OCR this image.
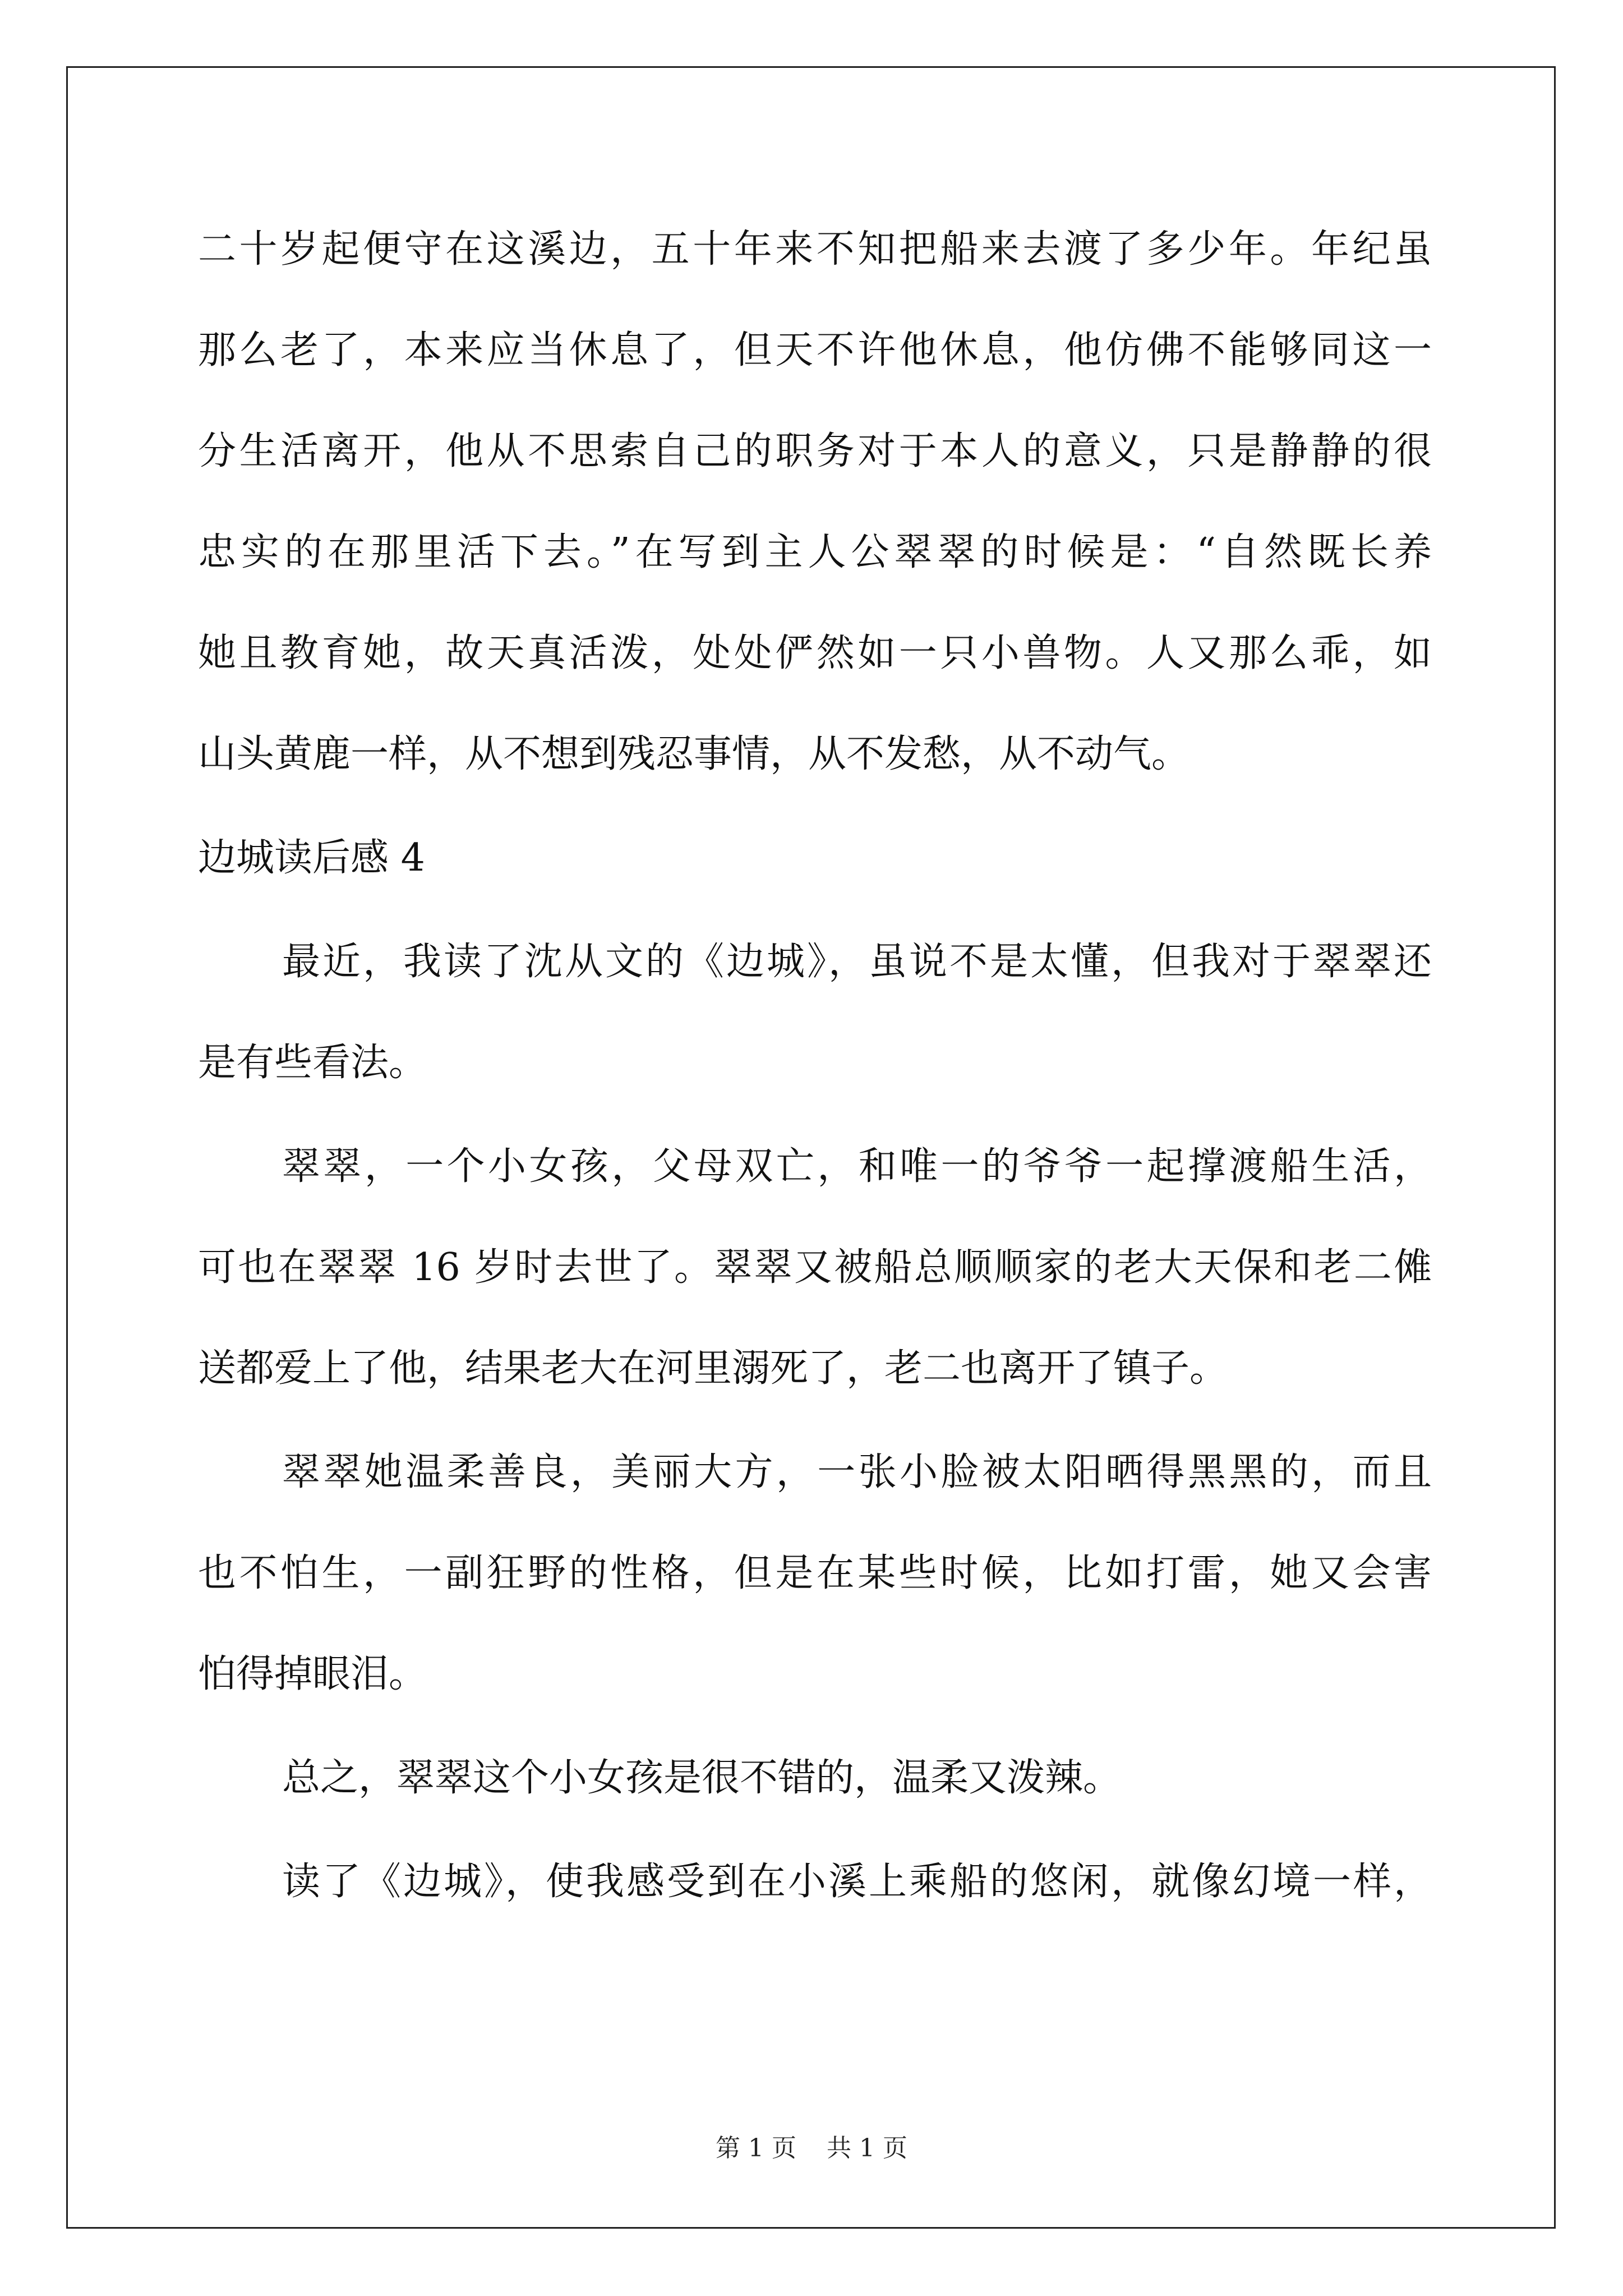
二十岁起便守在这溪边，五十年来不知把船来去渡了多少年。年纪虽
那么老了，本来应当休息了，但天不许他休息，他仿佛不能够同这一
分生活离开，他从不思索自己的职务对于本人的意义，只是静静的很
忠实的在那里活下去。”在写到主人公翠翠的时候是：“自然既长养
她且教育她，故天真活泼，处处俨然如一只小兽物。人又那么乖，如
山头黄鹿一样，从不想到残忍事情，从不发愁，从不动气。
边城读后感 4
最近，我读了沈从文的《边城》，虽说不是太懂，但我对于翠翠还
是有些看法。
翠翠，一个小女孩，父母双亡，和唯一的爷爷一起撑渡船生活，
可也在翠翠 16 岁时去世了。翠翠又被船总顺顺家的老大天保和老二傩
送都爱上了他，结果老大在河里溺死了，老二也离开了镇子。
翠翠她温柔善良，美丽大方，一张小脸被太阳晒得黑黑的，而且
也不怕生，一副狂野的性格，但是在某些时候，比如打雷，她又会害
怕得掉眼泪。
总之，翠翠这个小女孩是很不错的，温柔又泼辣。
读了《边城》，使我感受到在小溪上乘船的悠闲，就像幻境一样，
第 1 页 共 1 页
